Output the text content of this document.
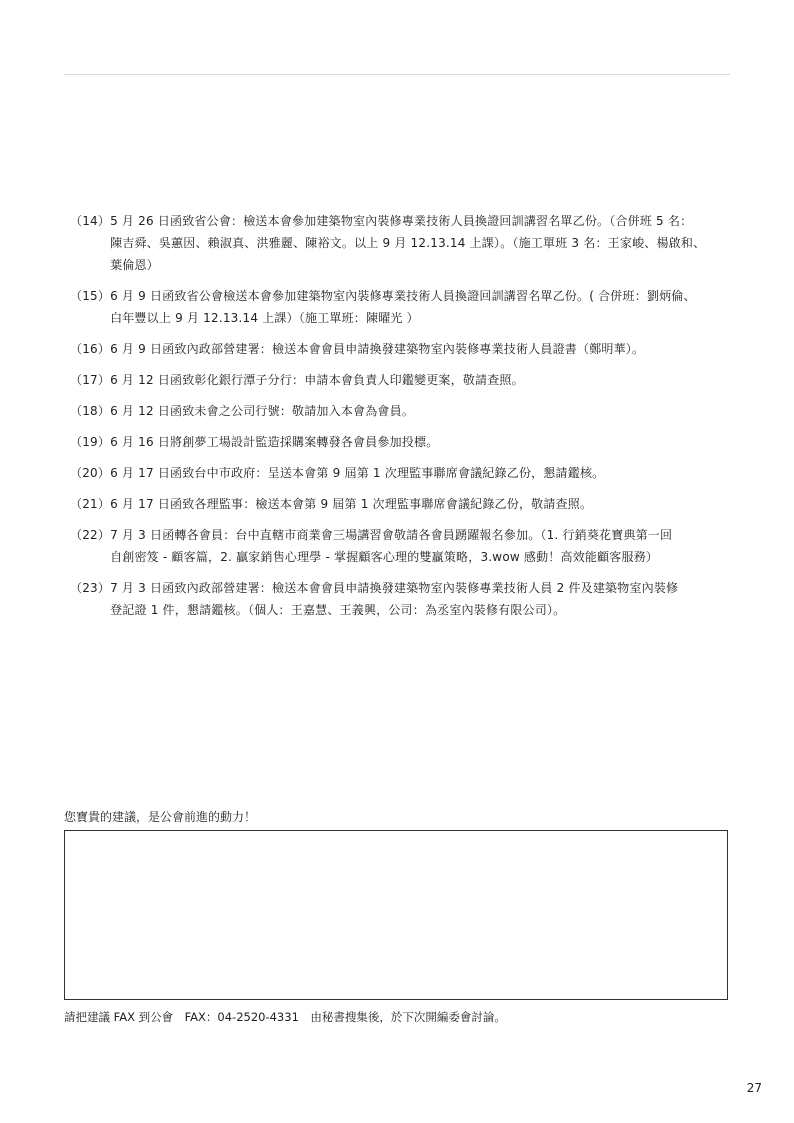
（14） 5 月 26 日函致省公會：檢送本會參加建築物室內裝修專業技術人員換證回訓講習名單乙份。（合併班 5 名：
陳吉舜、吳蕙因、賴淑真、洪雅麗、陳裕文。以上 9 月 12.13.14 上課）。（施工單班 3 名：王家峻、楊啟和、
葉倫恩）
（15） 6 月 9 日函致省公會檢送本會參加建築物室內裝修專業技術人員換證回訓講習名單乙份。( 合併班：劉炳倫、
白年豐以上 9 月 12.13.14 上課）（施工單班：陳曜光 ）
（16） 6 月 9 日函致內政部營建署：檢送本會會員申請換發建築物室內裝修專業技術人員證書（鄭明華）。
（17） 6 月 12 日函致彰化銀行潭子分行：申請本會負責人印鑑變更案，敬請查照。
（18） 6 月 12 日函致未會之公司行號：敬請加入本會為會員。
（19） 6 月 16 日將創夢工場設計監造採購案轉發各會員參加投標。
（20） 6 月 17 日函致台中市政府：呈送本會第 9 屆第 1 次理監事聯席會議紀錄乙份，懇請鑑核。
（21） 6 月 17 日函致各理監事：檢送本會第 9 屆第 1 次理監事聯席會議紀錄乙份，敬請查照。
（22） 7 月 3 日函轉各會員：台中直轄市商業會三場講習會敬請各會員踴躍報名參加。（1. 行銷葵花寶典第一回
自創密笈 - 顧客篇，2. 贏家銷售心理學 - 掌握顧客心理的雙贏策略，3.wow 感動！高效能顧客服務）
（23） 7 月 3 日函致內政部營建署：檢送本會會員申請換發建築物室內裝修專業技術人員 2 件及建築物室內裝修
登記證 1 件，懇請鑑核。（個人：王嘉慧、王義興，公司：為丞室內裝修有限公司）。
您寶貴的建議，是公會前進的動力！
請把建議 FAX 到公會　FAX：04-2520-4331　由秘書搜集後，於下次開編委會討論。
27
